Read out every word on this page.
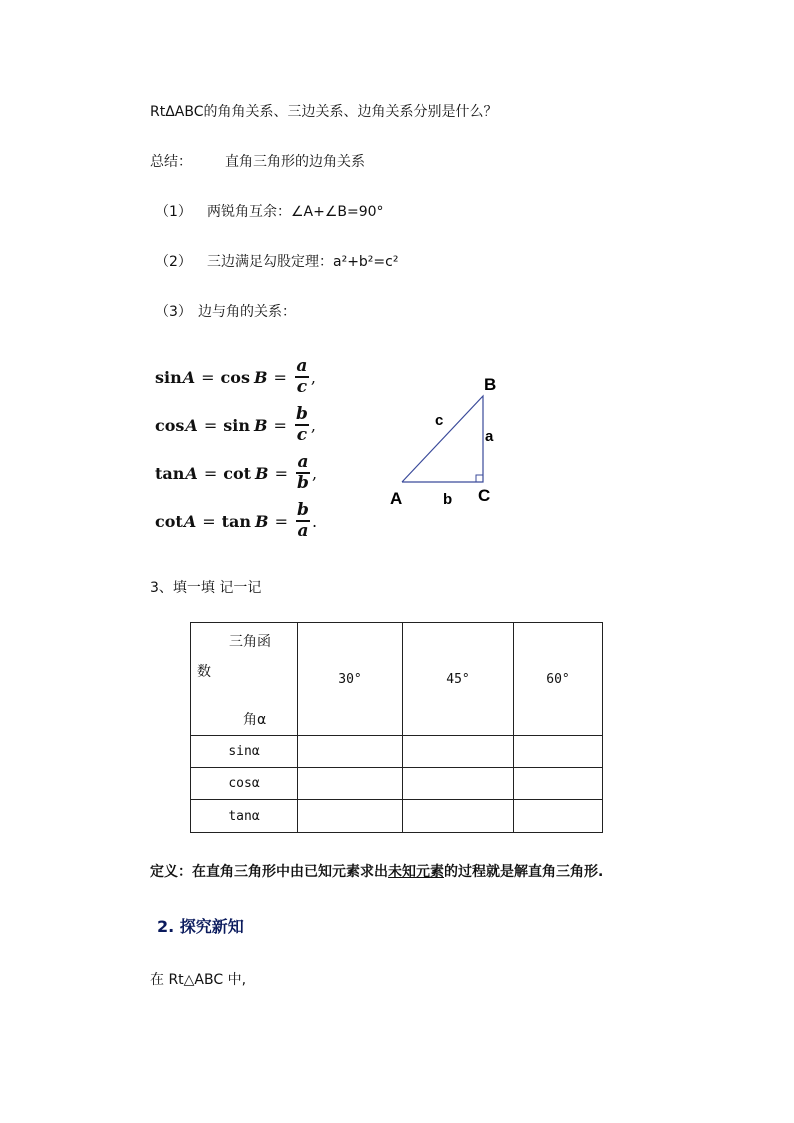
RtΔABC的角角关系、三边关系、边角关系分别是什么？
总结： 直角三角形的边角关系
（1） 两锐角互余：∠A+∠B=90°
（2） 三边满足勾股定理：a²+b²=c²
（3） 边与角的关系：
$\sin A = \cos B = \frac{a}{c}$ ,
$\cos A = \sin B = \frac{b}{c}$ ,
$\tan A = \cot B = \frac{a}{b}$ ,
$\cot A = \tan B = \frac{b}{a}$ .
B
A	C
c
a
b
3、填一填 记一记
三角函
数
角α	30°	45°	60°
sinα			
cosα			
tanα			
定义：在直角三角形中由已知元素求出未知元素的过程就是解直角三角形.
2. 探究新知
在 Rt△ABC 中,
